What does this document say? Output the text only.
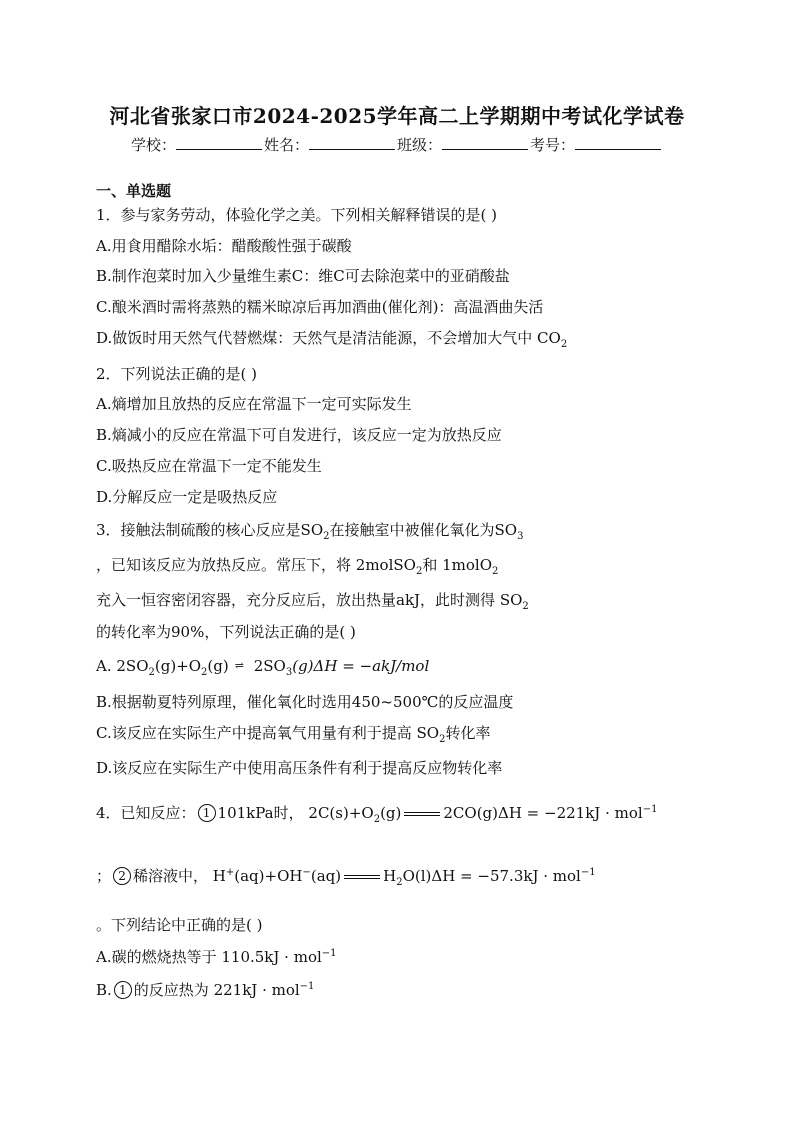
河北省张家口市2024-2025学年高二上学期期中考试化学试卷
学校：	姓名：	班级：	考号：
一、单选题
1．参与家务劳动，体验化学之美。下列相关解释错误的是( )
A.用食用醋除水垢：醋酸酸性强于碳酸
B.制作泡菜时加入少量维生素C：维C可去除泡菜中的亚硝酸盐
C.酿米酒时需将蒸熟的糯米晾凉后再加酒曲(催化剂)：高温酒曲失活
D.做饭时用天然气代替燃煤：天然气是清洁能源，不会增加大气中 $CO_2$
2．下列说法正确的是( )
A.熵增加且放热的反应在常温下一定可实际发生
B.熵减小的反应在常温下可自发进行，该反应一定为放热反应
C.吸热反应在常温下一定不能发生
D.分解反应一定是吸热反应
3．接触法制硫酸的核心反应是$SO_2$在接触室中被催化氧化为$SO_3$
，已知该反应为放热反应。常压下，将 2molSO$_2$和 1molO$_2$
充入一恒容密闭容器，充分反应后，放出热量akJ，此时测得 $SO_2$
的转化率为90%，下列说法正确的是( )
A. $2SO_2(g)+O_2(g)$ ⇌ $2SO_3(g)\Delta H = -akJ/mol$
B.根据勒夏特列原理，催化氧化时选用450~500℃的反应温度
C.该反应在实际生产中提高氧气用量有利于提高 $SO_2$转化率
D.该反应在实际生产中使用高压条件有利于提高反应物转化率
4．已知反应： 1 101kPa时， $2C(s)+O_2(g)$	2CO(g)ΔH = −221kJ · mol$^{-1}$
； 2 稀溶液中， H+(aq)+OH−(aq)	$H_2O(l)\Delta H = -57.3kJ \cdot mol^{-1}$
。下列结论中正确的是( )
A.碳的燃烧热等于 110.5kJ · mol$^{-1}$
B. 1 的反应热为 221kJ · mol$^{-1}$
